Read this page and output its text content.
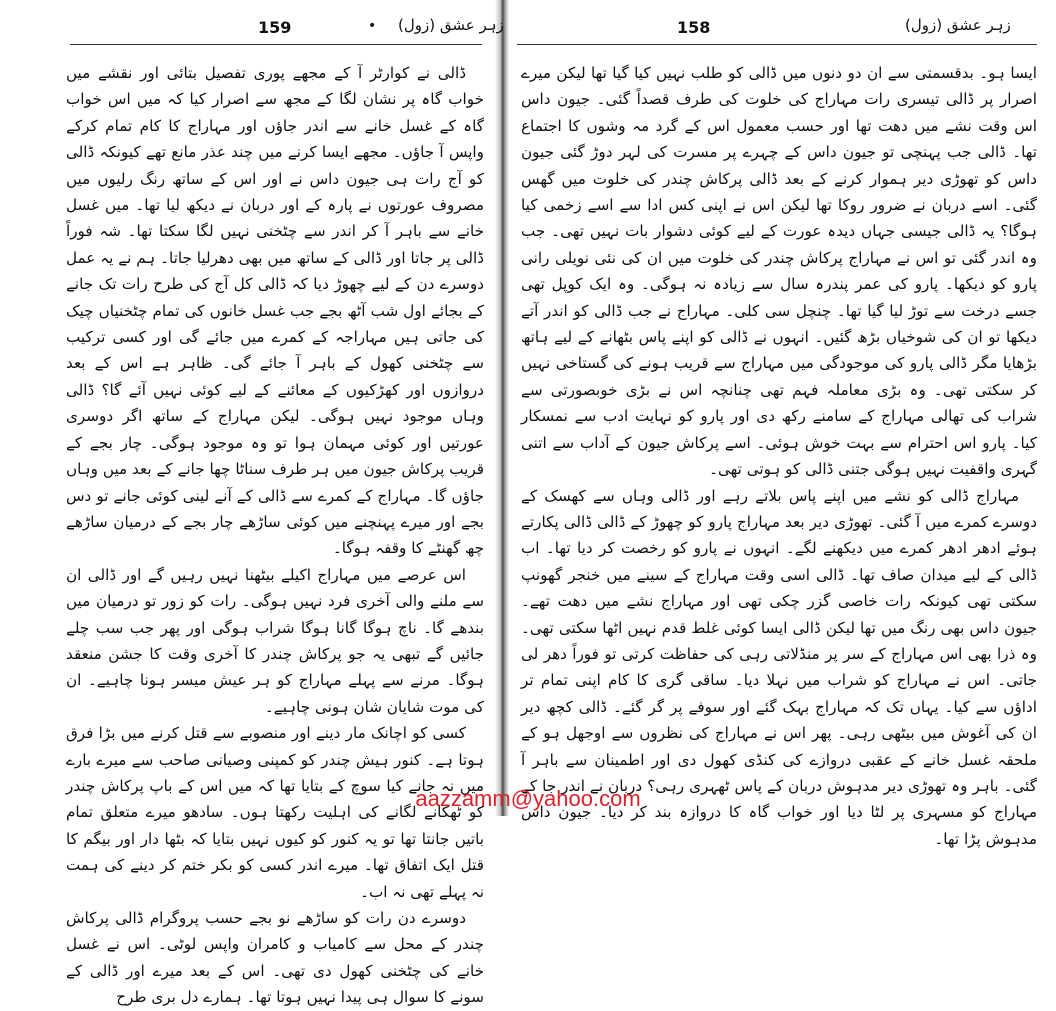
159	• زہر عشق (زول)

ڈالی نے کوارٹر آ کے مجھے پوری تفصیل بتائی اور نقشے میں خواب گاہ پر نشان لگا کے مجھ سے اصرار کیا کہ میں اس خواب گاہ کے غسل خانے سے اندر جاؤں اور مہاراج کا کام تمام کرکے واپس آ جاؤں۔ مجھے ایسا کرنے میں چند عذر مانع تھے کیونکہ ڈالی کو آج رات ہی جیون داس نے اور اس کے ساتھ رنگ رلیوں میں مصروف عورتوں نے پارہ کے اور دربان نے دیکھ لیا تھا۔ میں غسل خانے سے باہر آ کر اندر سے چٹخنی نہیں لگا سکتا تھا۔ شہ فوراً ڈالی پر جاتا اور ڈالی کے ساتھ میں بھی دھرلیا جاتا۔ ہم نے یہ عمل دوسرے دن کے لیے چھوڑ دیا کہ ڈالی کل آج کی طرح رات تک جانے کے بجائے اول شب آٹھ بجے جب غسل خانوں کی تمام چٹخنیاں چیک کی جاتی ہیں مہاراجہ کے کمرے میں جائے گی اور کسی ترکیب سے چٹخنی کھول کے باہر آ جائے گی۔ ظاہر ہے اس کے بعد دروازوں اور کھڑکیوں کے معائنے کے لیے کوئی نہیں آئے گا؟ ڈالی وہاں موجود نہیں ہوگی۔ لیکن مہاراج کے ساتھ اگر دوسری عورتیں اور کوئی مہمان ہوا تو وہ موجود ہوگی۔ چار بجے کے قریب پرکاش جیون میں ہر طرف سناٹا چھا جانے کے بعد میں وہاں جاؤں گا۔ مہاراج کے کمرے سے ڈالی کے آنے لینی کوئی جانے تو دس بجے اور میرے پہنچنے میں کوئی ساڑھے چار بجے کے درمیان ساڑھے چھ گھنٹے کا وقفہ ہوگا۔

اس عرصے میں مہاراج اکیلے بیٹھنا نہیں رہیں گے اور ڈالی ان سے ملنے والی آخری فرد نہیں ہوگی۔ رات کو زور تو درمیان میں بندھے گا۔ ناچ ہوگا گانا ہوگا شراب ہوگی اور پھر جب سب چلے جائیں گے تبھی یہ جو پرکاش چندر کا آخری وقت کا جشن منعقد ہوگا۔ مرنے سے پہلے مہاراج کو ہر عیش میسر ہونا چاہیے۔ ان کی موت شایان شان ہونی چاہیے۔

کسی کو اچانک مار دینے اور منصوبے سے قتل کرنے میں بڑا فرق ہوتا ہے۔ کنور ہیش چندر کو کمپنی وصیانی صاحب سے میرے بارے میں نہ جانے کیا سوچ کے بتایا تھا کہ میں اس کے باپ پرکاش چندر کو ٹھکانے لگانے کی اہلیت رکھتا ہوں۔ سادھو میرے متعلق تمام باتیں جانتا تھا تو یہ کنور کو کیوں نہیں بتایا کہ بٹھا دار اور بیگم کا قتل ایک اتفاق تھا۔ میرے اندر کسی کو بکر ختم کر دینے کی ہمت نہ پہلے تھی نہ اب۔

دوسرے دن رات کو ساڑھے نو بجے حسب پروگرام ڈالی پرکاش چندر کے محل سے کامیاب و کامران واپس لوٹی۔ اس نے غسل خانے کی چٹخنی کھول دی تھی۔ اس کے بعد میرے اور ڈالی کے سونے کا سوال ہی پیدا نہیں ہوتا تھا۔ ہمارے دل بری طرح

158	زہر عشق (زول)

ایسا ہو۔ بدقسمتی سے ان دو دنوں میں ڈالی کو طلب نہیں کیا گیا تھا لیکن میرے اصرار پر ڈالی تیسری رات مہاراج کی خلوت کی طرف قصداً گئی۔ جیون داس اس وقت نشے میں دھت تھا اور حسب معمول اس کے گرد مہ وشوں کا اجتماع تھا۔ ڈالی جب پہنچی تو جیون داس کے چہرے پر مسرت کی لہر دوڑ گئی جیون داس کو تھوڑی دیر ہموار کرنے کے بعد ڈالی پرکاش چندر کی خلوت میں گھس گئی۔ اسے دربان نے ضرور روکا تھا لیکن اس نے اپنی کس ادا سے اسے زخمی کیا ہوگا؟ یہ ڈالی جیسی جہاں دیدہ عورت کے لیے کوئی دشوار بات نہیں تھی۔ جب وہ اندر گئی تو اس نے مہاراج پرکاش چندر کی خلوت میں ان کی نئی نویلی رانی پارو کو دیکھا۔ پارو کی عمر پندرہ سال سے زیادہ نہ ہوگی۔ وہ ایک کوپل تھی جسے درخت سے توڑ لیا گیا تھا۔ چنچل سی کلی۔ مہاراج نے جب ڈالی کو اندر آتے دیکھا تو ان کی شوخیاں بڑھ گئیں۔ انہوں نے ڈالی کو اپنے پاس بٹھانے کے لیے ہاتھ بڑھایا مگر ڈالی پارو کی موجودگی میں مہاراج سے قریب ہونے کی گستاخی نہیں کر سکتی تھی۔ وہ بڑی معاملہ فہم تھی چنانچہ اس نے بڑی خوبصورتی سے شراب کی تھالی مہاراج کے سامنے رکھ دی اور پارو کو نہایت ادب سے نمسکار کیا۔ پارو اس احترام سے بہت خوش ہوئی۔ اسے پرکاش جیون کے آداب سے اتنی گہری واقفیت نہیں ہوگی جتنی ڈالی کو ہوتی تھی۔

مہاراج ڈالی کو نشے میں اپنے پاس بلاتے رہے اور ڈالی وہاں سے کھسک کے دوسرے کمرے میں آ گئی۔ تھوڑی دیر بعد مہاراج پارو کو چھوڑ کے ڈالی ڈالی پکارتے ہوئے ادھر ادھر کمرے میں دیکھنے لگے۔ انہوں نے پارو کو رخصت کر دیا تھا۔ اب ڈالی کے لیے میدان صاف تھا۔ ڈالی اسی وقت مہاراج کے سینے میں خنجر گھونپ سکتی تھی کیونکہ رات خاصی گزر چکی تھی اور مہاراج نشے میں دھت تھے۔ جیون داس بھی رنگ میں تھا لیکن ڈالی ایسا کوئی غلط قدم نہیں اٹھا سکتی تھی۔ وہ ذرا بھی اس مہاراج کے سر پر منڈلاتی رہی کی حفاظت کرتی تو فوراً دھر لی جاتی۔ اس نے مہاراج کو شراب میں نہلا دیا۔ ساقی گری کا کام اپنی تمام تر اداؤں سے کیا۔ یہاں تک کہ مہاراج بہک گئے اور سوفے پر گر گئے۔ ڈالی کچھ دیر ان کی آغوش میں بیٹھی رہی۔ پھر اس نے مہاراج کی نظروں سے اوجھل ہو کے ملحقہ غسل خانے کے عقبی دروازے کی کنڈی کھول دی اور اطمینان سے باہر آ گئی۔ باہر وہ تھوڑی دیر مدہوش دربان کے پاس ٹھہری رہی؟ دربان نے اندر جا کے مہاراج کو مسہری پر لٹا دیا اور خواب گاہ کا دروازہ بند کر دیا۔ جیون داس مدہوش پڑا تھا۔

aazzamm@yahoo.com
